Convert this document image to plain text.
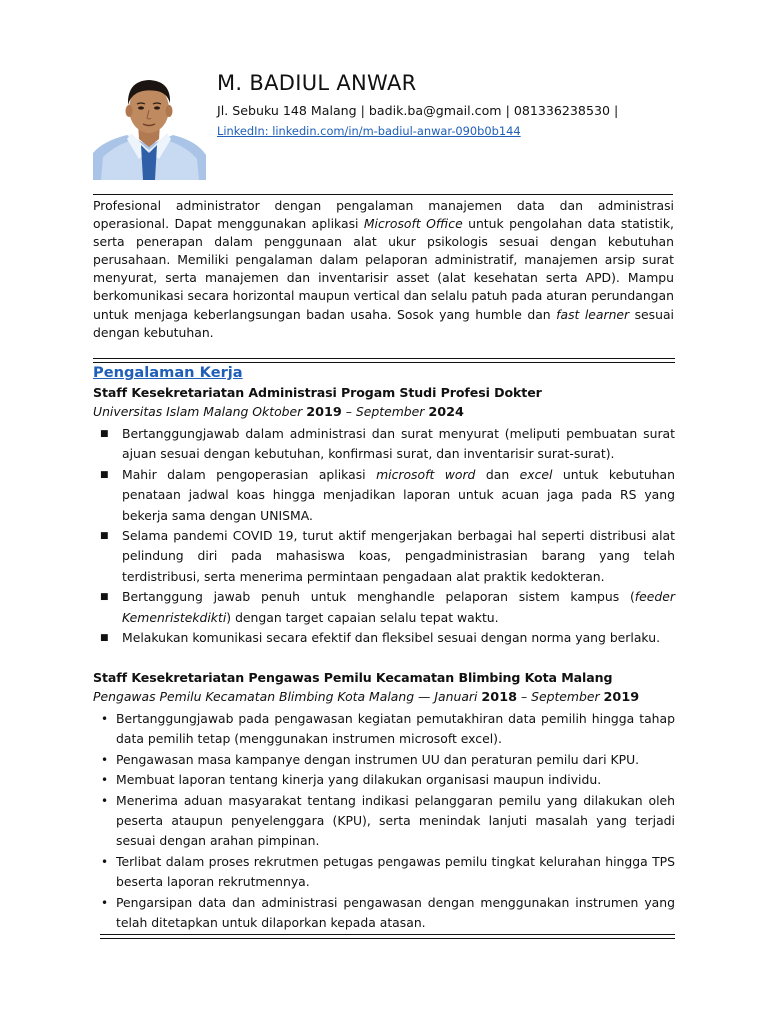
M. BADIUL ANWAR
Jl. Sebuku 148 Malang | badik.ba@gmail.com | 081336238530 |
LinkedIn: linkedin.com/in/m-badiul-anwar-090b0b144

Profesional administrator dengan pengalaman manajemen data dan administrasi operasional. Dapat menggunakan aplikasi Microsoft Office untuk pengolahan data statistik, serta penerapan dalam penggunaan alat ukur psikologis sesuai dengan kebutuhan perusahaan. Memiliki pengalaman dalam pelaporan administratif, manajemen arsip surat menyurat, serta manajemen dan inventarisir asset (alat kesehatan serta APD). Mampu berkomunikasi secara horizontal maupun vertical dan selalu patuh pada aturan perundangan untuk menjaga keberlangsungan badan usaha. Sosok yang humble dan fast learner sesuai dengan kebutuhan.

Pengalaman Kerja
Staff Kesekretariatan Administrasi Progam Studi Profesi Dokter
Universitas Islam Malang Oktober 2019 – September 2024
■ Bertanggungjawab dalam administrasi dan surat menyurat (meliputi pembuatan surat ajuan sesuai dengan kebutuhan, konfirmasi surat, dan inventarisir surat-surat).
■ Mahir dalam pengoperasian aplikasi microsoft word dan excel untuk kebutuhan penataan jadwal koas hingga menjadikan laporan untuk acuan jaga pada RS yang bekerja sama dengan UNISMA.
■ Selama pandemi COVID 19, turut aktif mengerjakan berbagai hal seperti distribusi alat pelindung diri pada mahasiswa koas, pengadministrasian barang yang telah terdistribusi, serta menerima permintaan pengadaan alat praktik kedokteran.
■ Bertanggung jawab penuh untuk menghandle pelaporan sistem kampus (feeder Kemenristekdikti) dengan target capaian selalu tepat waktu.
■ Melakukan komunikasi secara efektif dan fleksibel sesuai dengan norma yang berlaku.
Staff Kesekretariatan Pengawas Pemilu Kecamatan Blimbing Kota Malang
Pengawas Pemilu Kecamatan Blimbing Kota Malang — Januari 2018 – September 2019
• Bertanggungjawab pada pengawasan kegiatan pemutakhiran data pemilih hingga tahap data pemilih tetap (menggunakan instrumen microsoft excel).
• Pengawasan masa kampanye dengan instrumen UU dan peraturan pemilu dari KPU.
• Membuat laporan tentang kinerja yang dilakukan organisasi maupun individu.
• Menerima aduan masyarakat tentang indikasi pelanggaran pemilu yang dilakukan oleh peserta ataupun penyelenggara (KPU), serta menindak lanjuti masalah yang terjadi sesuai dengan arahan pimpinan.
• Terlibat dalam proses rekrutmen petugas pengawas pemilu tingkat kelurahan hingga TPS beserta laporan rekrutmennya.
• Pengarsipan data dan administrasi pengawasan dengan menggunakan instrumen yang telah ditetapkan untuk dilaporkan kepada atasan.
